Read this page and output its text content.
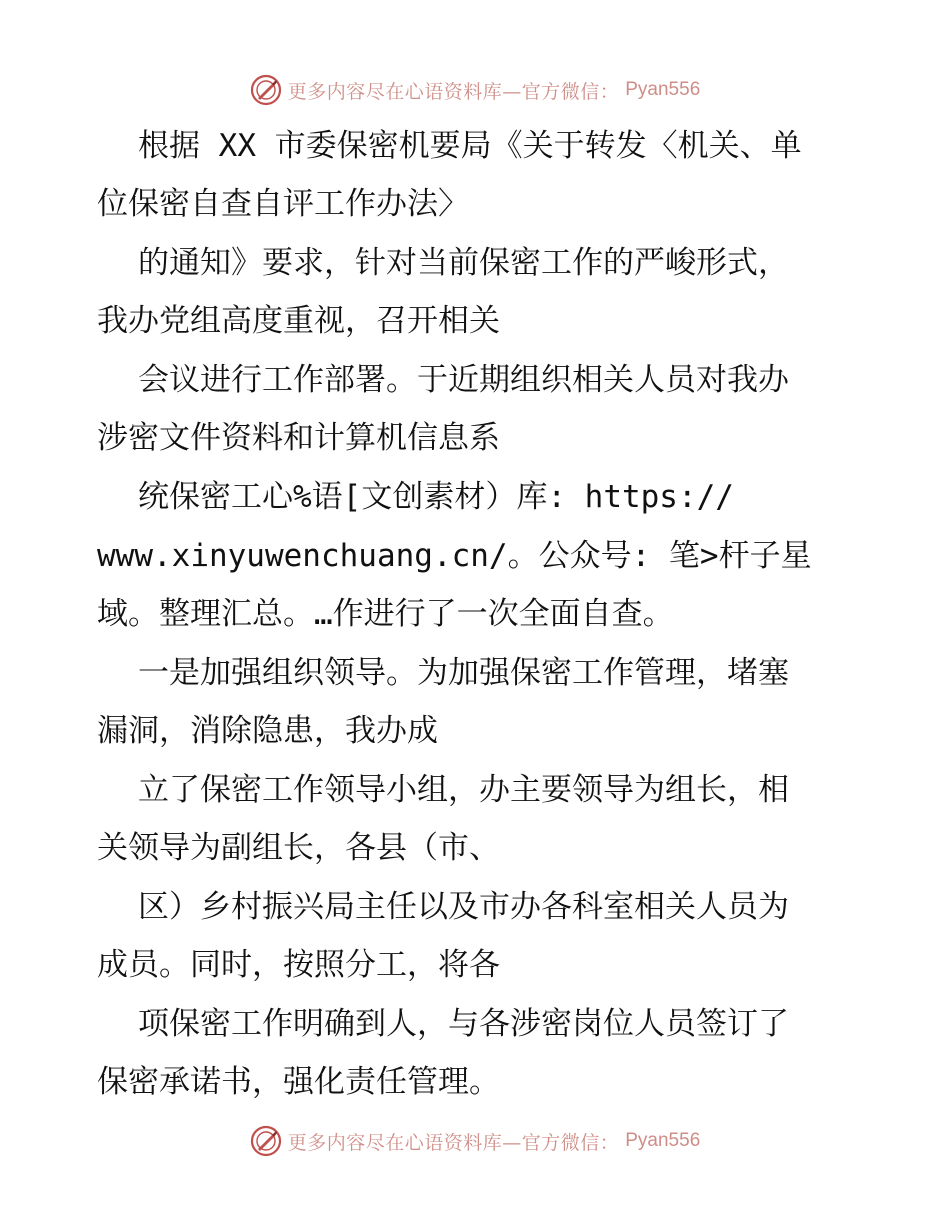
更多内容尽在心语资料库—官方微信： Pyan556
根据 XX 市委保密机要局《关于转发〈机关、单
位保密自查自评工作办法〉
的通知》要求，针对当前保密工作的严峻形式，
我办党组高度重视，召开相关
会议进行工作部署。于近期组织相关人员对我办
涉密文件资料和计算机信息系
统保密工心%语[文创素材）库: https://
www.xinyuwenchuang.cn/。公众号: 笔>杆子星
域。整理汇总。…作进行了一次全面自查。
一是加强组织领导。为加强保密工作管理，堵塞
漏洞，消除隐患，我办成
立了保密工作领导小组，办主要领导为组长，相
关领导为副组长，各县（市、
区）乡村振兴局主任以及市办各科室相关人员为
成员。同时，按照分工，将各
项保密工作明确到人，与各涉密岗位人员签订了
保密承诺书，强化责任管理。
更多内容尽在心语资料库—官方微信： Pyan556
